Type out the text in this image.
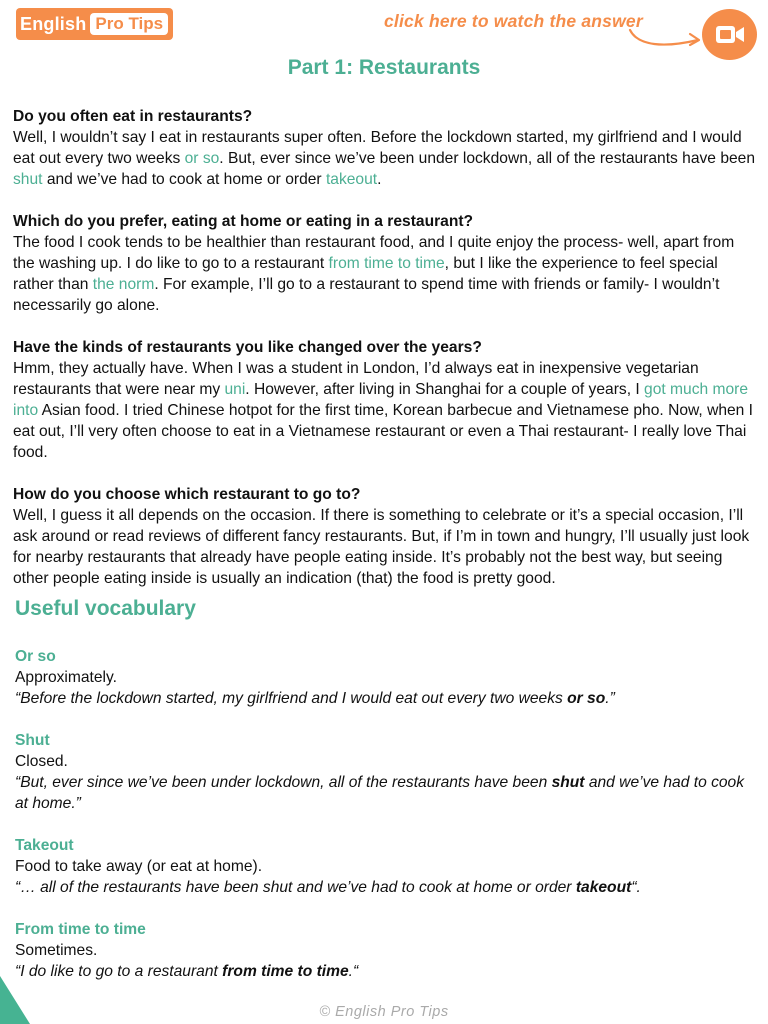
English Pro Tips	click here to watch the answer
Part 1: Restaurants
Do you often eat in restaurants?
Well, I wouldn’t say I eat in restaurants super often. Before the lockdown started, my girlfriend and I would eat out every two weeks or so. But, ever since we’ve been under lockdown, all of the restaurants have been shut and we’ve had to cook at home or order takeout.
Which do you prefer, eating at home or eating in a restaurant?
The food I cook tends to be healthier than restaurant food, and I quite enjoy the process- well, apart from the washing up. I do like to go to a restaurant from time to time, but I like the experience to feel special rather than the norm. For example, I’ll go to a restaurant to spend time with friends or family- I wouldn’t necessarily go alone.
Have the kinds of restaurants you like changed over the years?
Hmm, they actually have. When I was a student in London, I’d always eat in inexpensive vegetarian restaurants that were near my uni. However, after living in Shanghai for a couple of years, I got much more into Asian food. I tried Chinese hotpot for the first time, Korean barbecue and Vietnamese pho. Now, when I eat out, I’ll very often choose to eat in a Vietnamese restaurant or even a Thai restaurant- I really love Thai food.
How do you choose which restaurant to go to?
Well, I guess it all depends on the occasion. If there is something to celebrate or it’s a special occasion, I’ll ask around or read reviews of different fancy restaurants. But, if I’m in town and hungry, I’ll usually just look for nearby restaurants that already have people eating inside. It’s probably not the best way, but seeing other people eating inside is usually an indication (that) the food is pretty good.
Useful vocabulary
Or so
Approximately.
“Before the lockdown started, my girlfriend and I would eat out every two weeks or so.”
Shut
Closed.
“But, ever since we’ve been under lockdown, all of the restaurants have been shut and we’ve had to cook at home.”
Takeout
Food to take away (or eat at home).
“… all of the restaurants have been shut and we’ve had to cook at home or order takeout“.
From time to time
Sometimes.
“I do like to go to a restaurant from time to time.“
© English Pro Tips
